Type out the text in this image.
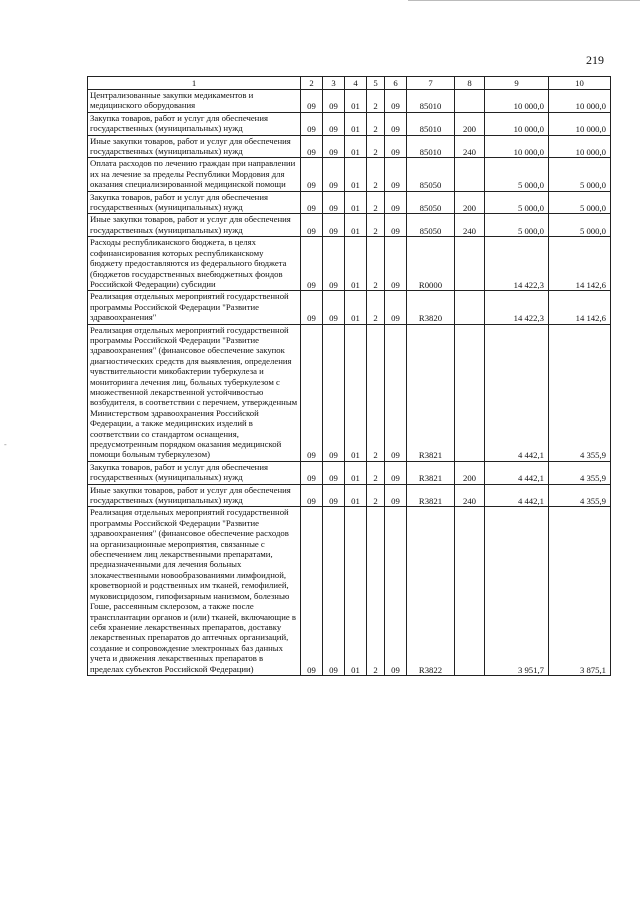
219
-
1	2	3	4	5	6	7	8	9	10
Централизованные закупки медикаментов и медицинского оборудования	09	09	01	2	09	85010		10 000,0	10 000,0
Закупка товаров, работ и услуг для обеспечения государственных (муниципальных) нужд	09	09	01	2	09	85010	200	10 000,0	10 000,0
Иные закупки товаров, работ и услуг для обеспечения государственных (муниципальных) нужд	09	09	01	2	09	85010	240	10 000,0	10 000,0
Оплата расходов по лечению граждан при направлении их на лечение за пределы Республики Мордовия для оказания специализированной медицинской помощи	09	09	01	2	09	85050		5 000,0	5 000,0
Закупка товаров, работ и услуг для обеспечения государственных (муниципальных) нужд	09	09	01	2	09	85050	200	5 000,0	5 000,0
Иные закупки товаров, работ и услуг для обеспечения государственных (муниципальных) нужд	09	09	01	2	09	85050	240	5 000,0	5 000,0
Расходы республиканского бюджета, в целях софинансирования которых республиканскому бюджету предоставляются из федерального бюджета (бюджетов государственных внебюджетных фондов Российской Федерации) субсидии	09	09	01	2	09	R0000		14 422,3	14 142,6
Реализация отдельных мероприятий государственной программы Российской Федерации "Развитие здравоохранения"	09	09	01	2	09	R3820		14 422,3	14 142,6
Реализация отдельных мероприятий государственной программы Российской Федерации "Развитие здравоохранения" (финансовое обеспечение закупок диагностических средств для выявления, определения чувствительности микобактерии туберкулеза и мониторинга лечения лиц, больных туберкулезом с множественной лекарственной устойчивостью возбудителя, в соответствии с перечнем, утвержденным Министерством здравоохранения Российской Федерации, а также медицинских изделий в соответствии со стандартом оснащения, предусмотренным порядком оказания медицинской помощи больным туберкулезом)	09	09	01	2	09	R3821		4 442,1	4 355,9
Закупка товаров, работ и услуг для обеспечения государственных (муниципальных) нужд	09	09	01	2	09	R3821	200	4 442,1	4 355,9
Иные закупки товаров, работ и услуг для обеспечения государственных (муниципальных) нужд	09	09	01	2	09	R3821	240	4 442,1	4 355,9
Реализация отдельных мероприятий государственной программы Российской Федерации "Развитие здравоохранения" (финансовое обеспечение расходов на организационные мероприятия, связанные с обеспечением лиц лекарственными препаратами, предназначенными для лечения больных злокачественными новообразованиями лимфоидной, кроветворной и родственных им тканей, гемофилией, муковисцидозом, гипофизарным нанизмом, болезнью Гоше, рассеянным склерозом, а также после трансплантации органов и (или) тканей, включающие в себя хранение лекарственных препаратов, доставку лекарственных препаратов до аптечных организаций, создание и сопровождение электронных баз данных учета и движения лекарственных препаратов в пределах субъектов Российской Федерации)	09	09	01	2	09	R3822		3 951,7	3 875,1
